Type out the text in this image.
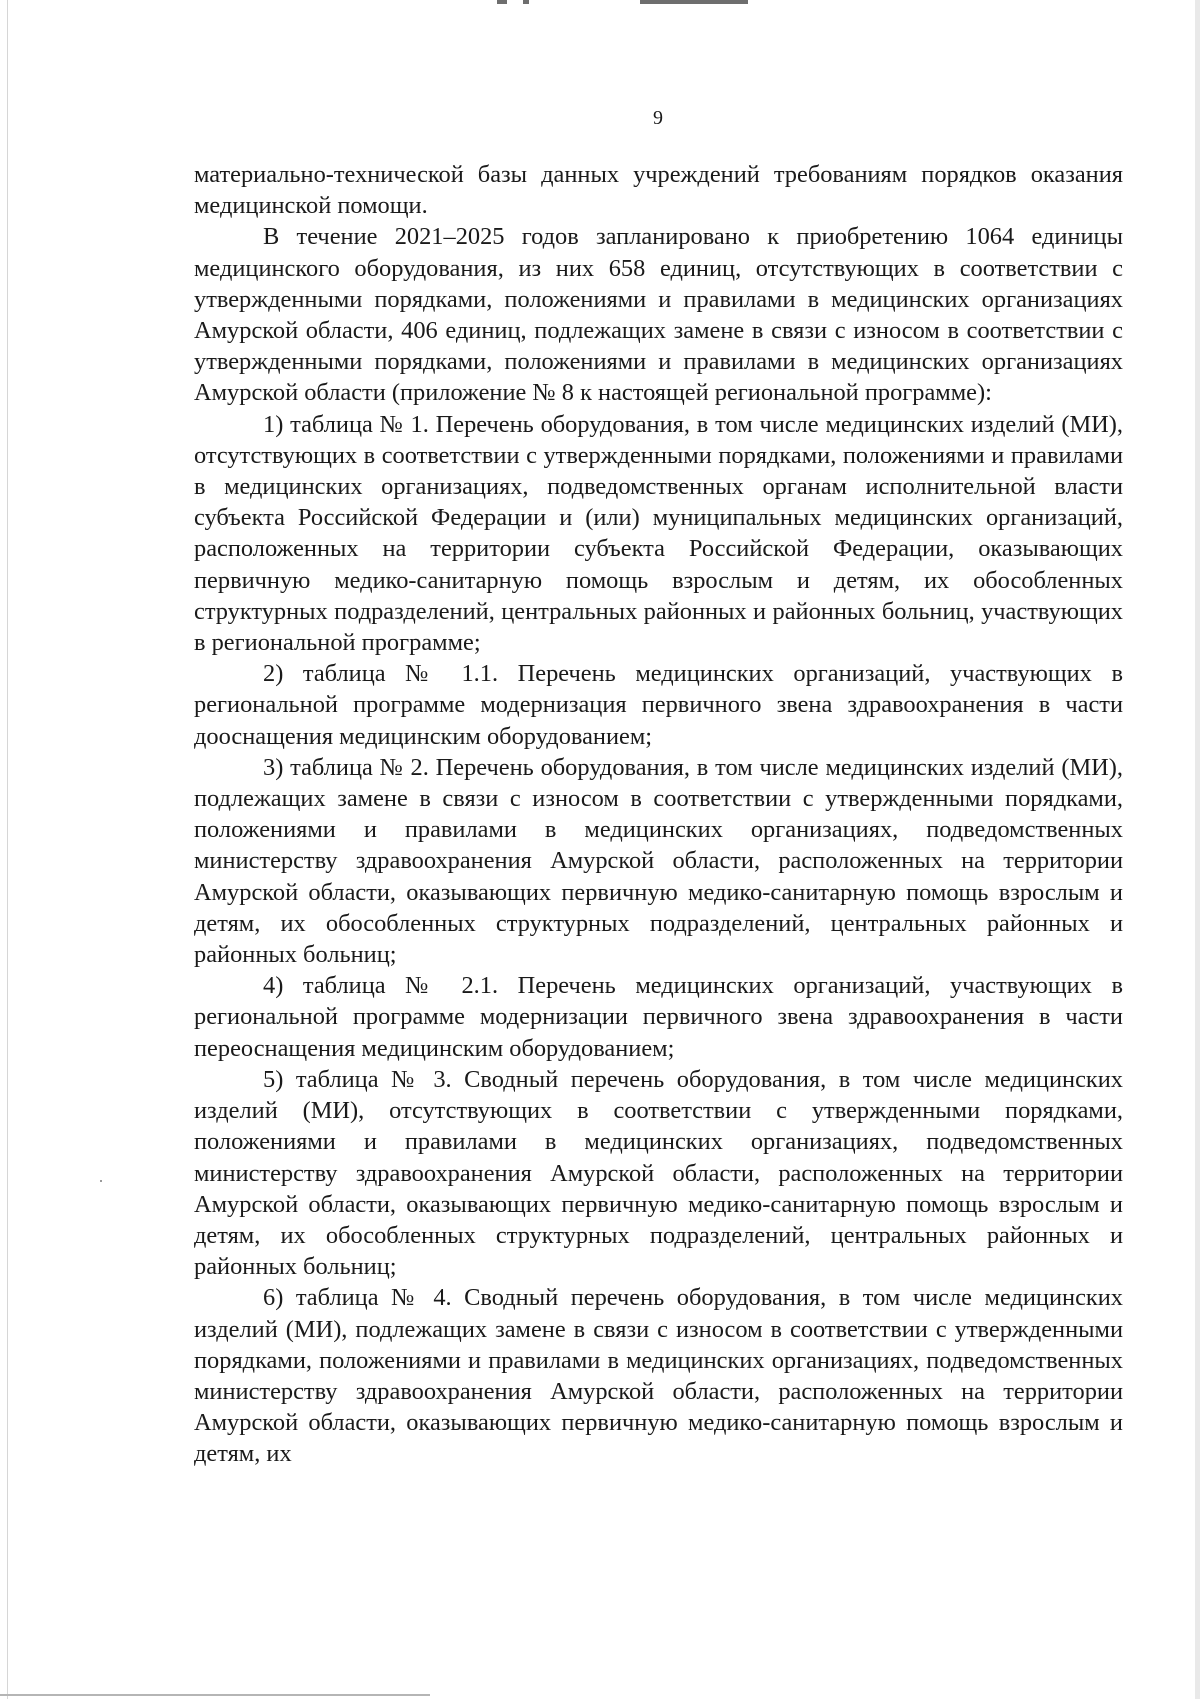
9

материально-технической базы данных учреждений требованиям порядков оказания медицинской помощи.

В течение 2021–2025 годов запланировано к приобретению 1064 единицы медицинского оборудования, из них 658 единиц, отсутствующих в соответствии с утвержденными порядками, положениями и правилами в медицинских организациях Амурской области, 406 единиц, подлежащих замене в связи с износом в соответствии с утвержденными порядками, положениями и правилами в медицинских организациях Амурской области (приложение № 8 к настоящей региональной программе):

1) таблица № 1. Перечень оборудования, в том числе медицинских изделий (МИ), отсутствующих в соответствии с утвержденными порядками, положениями и правилами в медицинских организациях, подведомственных органам исполнительной власти субъекта Российской Федерации и (или) муниципальных медицинских организаций, расположенных на территории субъекта Российской Федерации, оказывающих первичную медико-санитарную помощь взрослым и детям, их обособленных структурных подразделений, центральных районных и районных больниц, участвующих в региональной программе;

2) таблица № 1.1. Перечень медицинских организаций, участвующих в региональной программе модернизация первичного звена здравоохранения в части дооснащения медицинским оборудованием;

3) таблица № 2. Перечень оборудования, в том числе медицинских изделий (МИ), подлежащих замене в связи с износом в соответствии с утвержденными порядками, положениями и правилами в медицинских организациях, подведомственных министерству здравоохранения Амурской области, расположенных на территории Амурской области, оказывающих первичную медико-санитарную помощь взрослым и детям, их обособленных структурных подразделений, центральных районных и районных больниц;

4) таблица № 2.1. Перечень медицинских организаций, участвующих в региональной программе модернизации первичного звена здравоохранения в части переоснащения медицинским оборудованием;

5) таблица № 3. Сводный перечень оборудования, в том числе медицинских изделий (МИ), отсутствующих в соответствии с утвержденными порядками, положениями и правилами в медицинских организациях, подведомственных министерству здравоохранения Амурской области, расположенных на территории Амурской области, оказывающих первичную медико-санитарную помощь взрослым и детям, их обособленных структурных подразделений, центральных районных и районных больниц;

6) таблица № 4. Сводный перечень оборудования, в том числе медицинских изделий (МИ), подлежащих замене в связи с износом в соответствии с утвержденными порядками, положениями и правилами в медицинских организациях, подведомственных министерству здравоохранения Амурской области, расположенных на территории Амурской области, оказывающих первичную медико-санитарную помощь взрослым и детям, их
